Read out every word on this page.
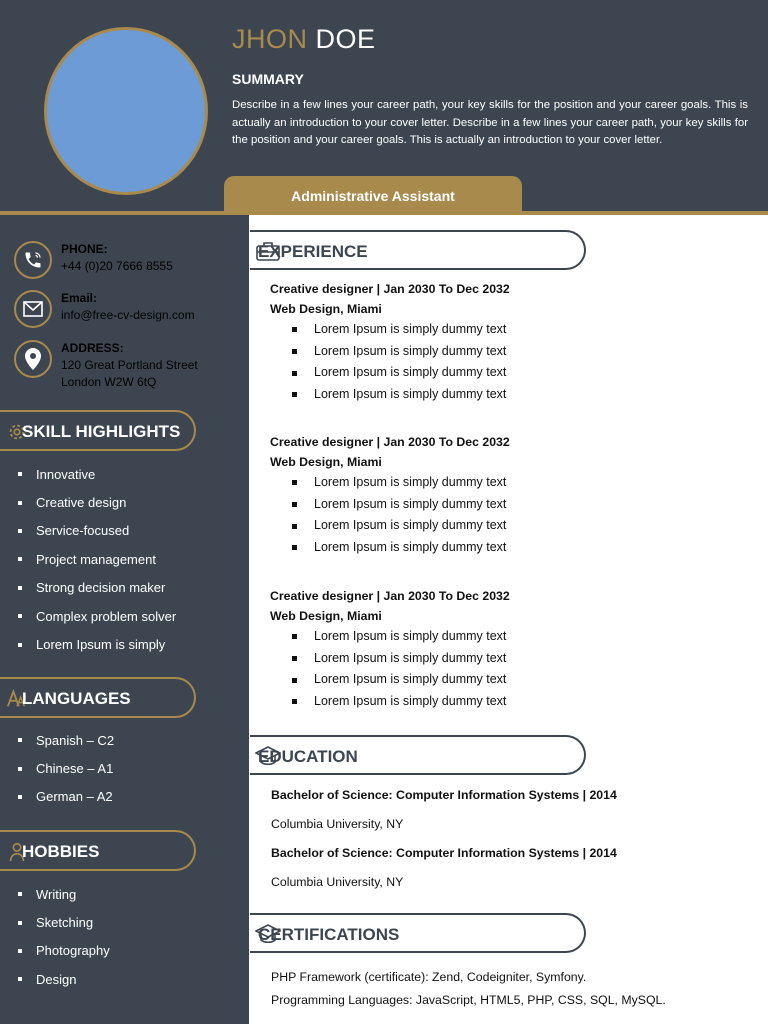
JHON DOE
SUMMARY
Describe in a few lines your career path, your key skills for the position and your career goals. This is actually an introduction to your cover letter. Describe in a few lines your career path, your key skills for the position and your career goals. This is actually an introduction to your cover letter.
Administrative Assistant
PHONE:
+44 (0)20 7666 8555
Email:
info@free-cv-design.com
ADDRESS:
120 Great Portland Street
London W2W 6tQ
SKILL HIGHLIGHTS
Innovative
Creative design
Service-focused
Project management
Strong decision maker
Complex problem solver
Lorem Ipsum is simply
LANGUAGES
Spanish – C2
Chinese – A1
German – A2
HOBBIES
Writing
Sketching
Photography
Design
EXPERIENCE
Creative designer | Jan 2030 To Dec 2032
Web Design, Miami
Lorem Ipsum is simply dummy text
Lorem Ipsum is simply dummy text
Lorem Ipsum is simply dummy text
Lorem Ipsum is simply dummy text
Creative designer | Jan 2030 To Dec 2032
Web Design, Miami
Lorem Ipsum is simply dummy text
Lorem Ipsum is simply dummy text
Lorem Ipsum is simply dummy text
Lorem Ipsum is simply dummy text
Creative designer | Jan 2030 To Dec 2032
Web Design, Miami
Lorem Ipsum is simply dummy text
Lorem Ipsum is simply dummy text
Lorem Ipsum is simply dummy text
Lorem Ipsum is simply dummy text
EDUCATION
Bachelor of Science: Computer Information Systems | 2014
Columbia University, NY
Bachelor of Science: Computer Information Systems | 2014
Columbia University, NY
CERTIFICATIONS
PHP Framework (certificate): Zend, Codeigniter, Symfony.
Programming Languages: JavaScript, HTML5, PHP, CSS, SQL, MySQL.
